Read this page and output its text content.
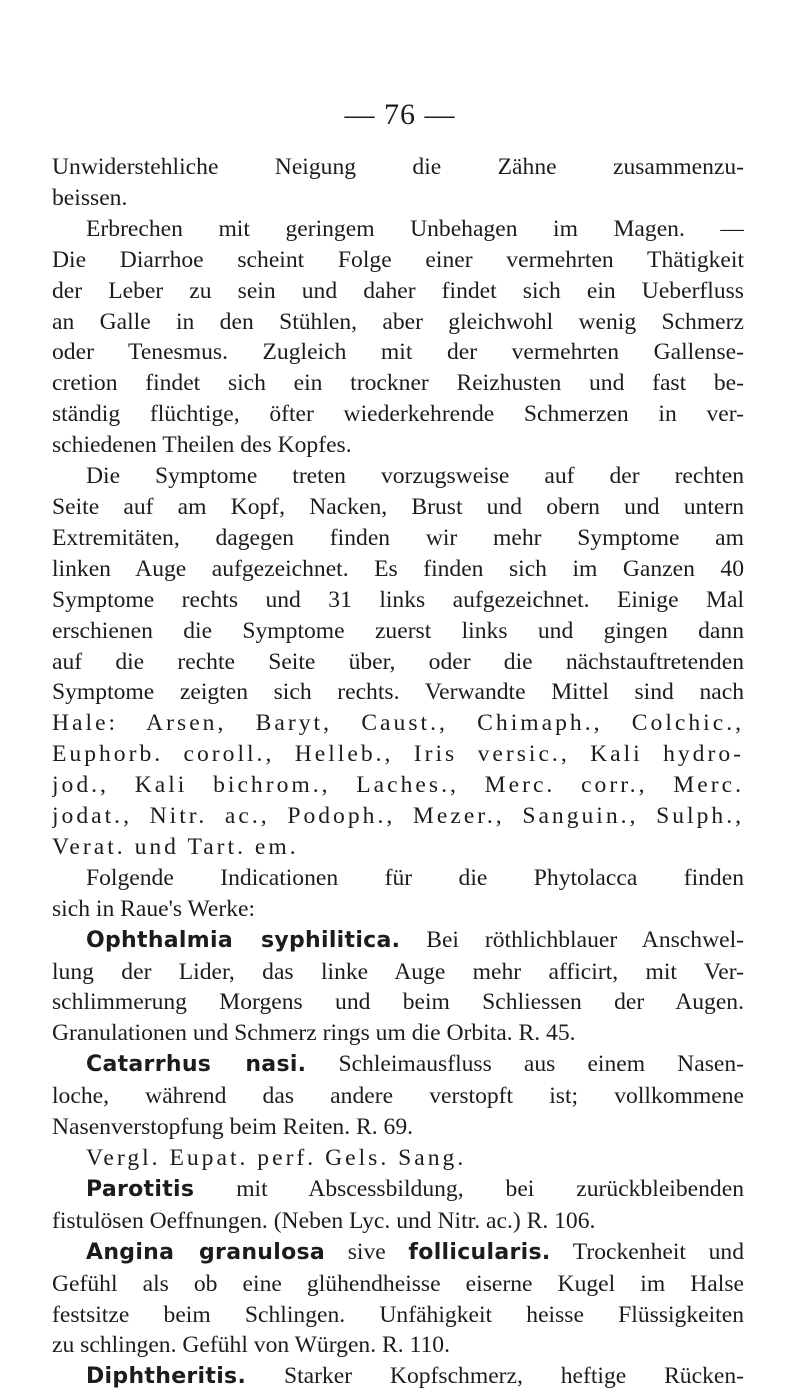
— 76 —
Unwiderstehliche Neigung die Zähne zusammenzu-
beissen.
Erbrechen mit geringem Unbehagen im Magen. —
Die Diarrhoe scheint Folge einer vermehrten Thätigkeit
der Leber zu sein und daher findet sich ein Ueberfluss
an Galle in den Stühlen, aber gleichwohl wenig Schmerz
oder Tenesmus. Zugleich mit der vermehrten Gallense-
cretion findet sich ein trockner Reizhusten und fast be-
ständig flüchtige, öfter wiederkehrende Schmerzen in ver-
schiedenen Theilen des Kopfes.
Die Symptome treten vorzugsweise auf der rechten
Seite auf am Kopf, Nacken, Brust und obern und untern
Extremitäten, dagegen finden wir mehr Symptome am
linken Auge aufgezeichnet. Es finden sich im Ganzen 40
Symptome rechts und 31 links aufgezeichnet. Einige Mal
erschienen die Symptome zuerst links und gingen dann
auf die rechte Seite über, oder die nächstauftretenden
Symptome zeigten sich rechts. Verwandte Mittel sind nach
Hale: Arsen, Baryt, Caust., Chimaph., Colchic.,
Euphorb. coroll., Helleb., Iris versic., Kali hydro-
jod., Kali bichrom., Laches., Merc. corr., Merc.
jodat., Nitr. ac., Podoph., Mezer., Sanguin., Sulph.,
Verat. und Tart. em.
Folgende Indicationen für die Phytolacca finden
sich in Raue's Werke:
Ophthalmia syphilitica. Bei röthlichblauer Anschwel-
lung der Lider, das linke Auge mehr afficirt, mit Ver-
schlimmerung Morgens und beim Schliessen der Augen.
Granulationen und Schmerz rings um die Orbita. R. 45.
Catarrhus nasi. Schleimausfluss aus einem Nasen-
loche, während das andere verstopft ist; vollkommene
Nasenverstopfung beim Reiten. R. 69.
Vergl. Eupat. perf. Gels. Sang.
Parotitis mit Abscessbildung, bei zurückbleibenden
fistulösen Oeffnungen. (Neben Lyc. und Nitr. ac.) R. 106.
Angina granulosa sive follicularis. Trockenheit und
Gefühl als ob eine glühendheisse eiserne Kugel im Halse
festsitze beim Schlingen. Unfähigkeit heisse Flüssigkeiten
zu schlingen. Gefühl von Würgen. R. 110.
Diphtheritis. Starker Kopfschmerz, heftige Rücken-
